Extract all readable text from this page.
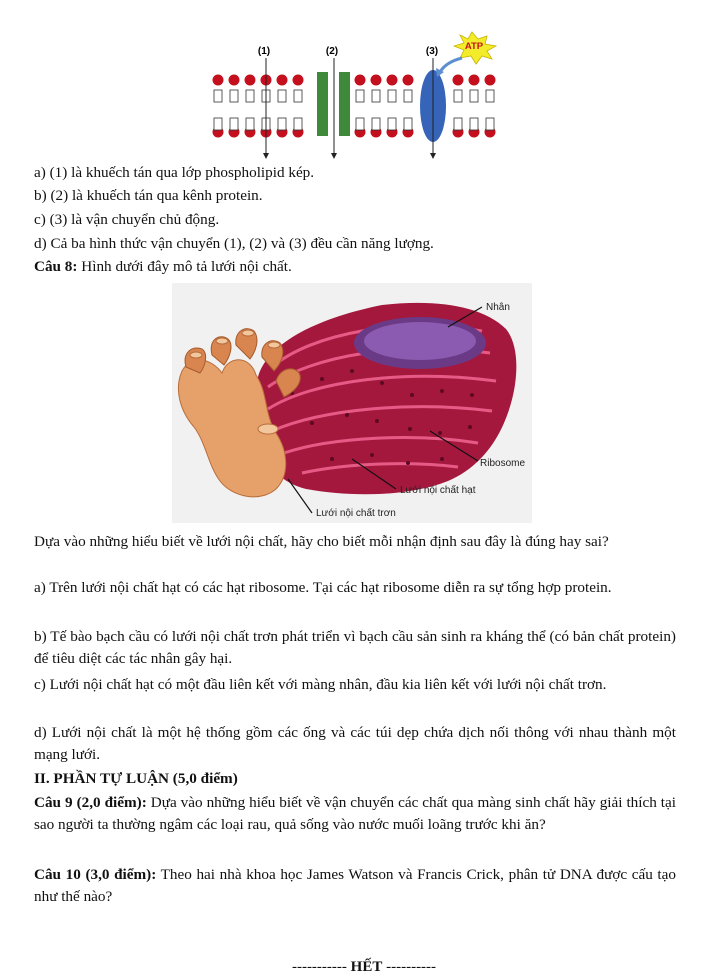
ATP
(1)	(2)	(3)
a) (1) là khuếch tán qua lớp phospholipid kép.
b) (2) là khuếch tán qua kênh protein.
c) (3) là vận chuyển chủ động.
d) Cả ba hình thức vận chuyển (1), (2) và (3) đều cần năng lượng.
Câu 8: Hình dưới đây mô tả lưới nội chất.
Nhân
Ribosome
Lưới nội chất hạt
Lưới nội chất trơn
Dựa vào những hiểu biết về lưới nội chất, hãy cho biết mỗi nhận định sau đây là đúng hay sai?
a) Trên lưới nội chất hạt có các hạt ribosome. Tại các hạt ribosome diễn ra sự tổng hợp protein.
b) Tế bào bạch cầu có lưới nội chất trơn phát triển vì bạch cầu sản sinh ra kháng thể (có bản chất protein) để tiêu diệt các tác nhân gây hại.
c) Lưới nội chất hạt có một đầu liên kết với màng nhân, đầu kia liên kết với lưới nội chất trơn.
d) Lưới nội chất là một hệ thống gồm các ống và các túi dẹp chứa dịch nối thông với nhau thành một mạng lưới.
II. PHẦN TỰ LUẬN (5,0 điểm)
Câu 9 (2,0 điểm): Dựa vào những hiểu biết về vận chuyển các chất qua màng sinh chất hãy giải thích tại sao người ta thường ngâm các loại rau, quả sống vào nước muối loãng trước khi ăn?
Câu 10 (3,0 điểm): Theo hai nhà khoa học James Watson và Francis Crick, phân tử DNA được cấu tạo như thế nào?
----------- HẾT ----------
